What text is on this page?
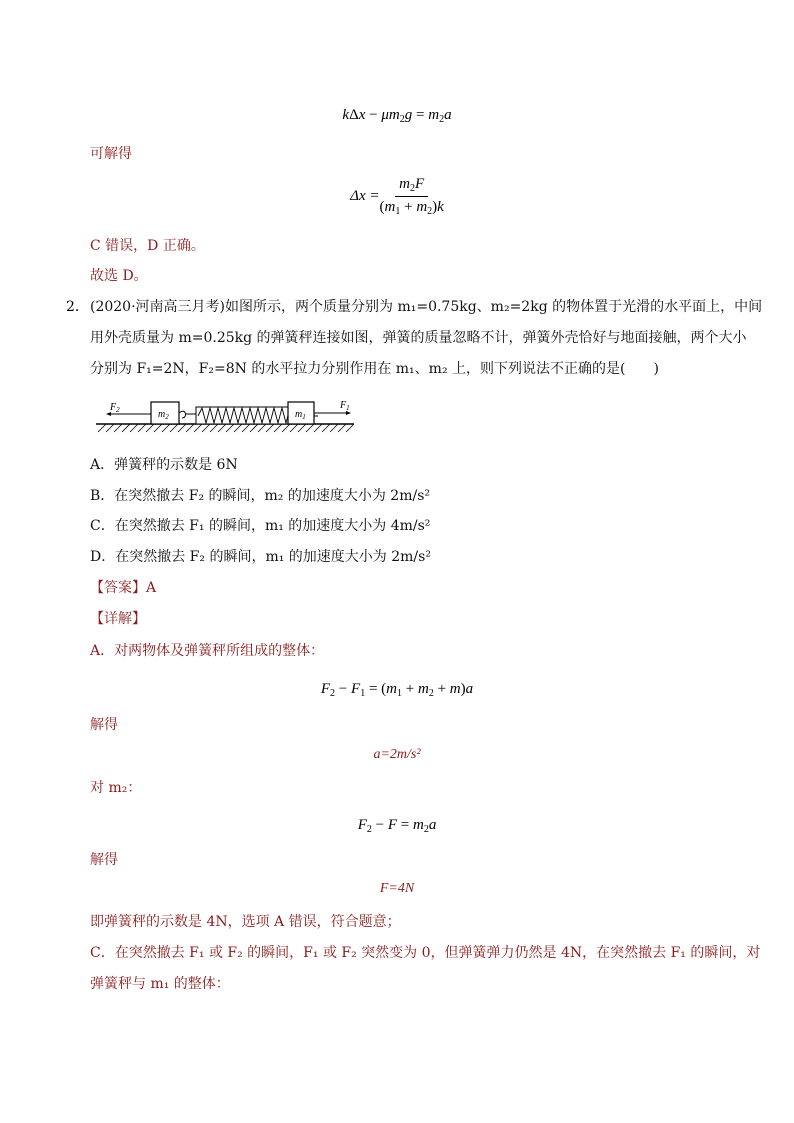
$k\Delta x - \mu m_2g = m_2a$
可解得
$\Delta x = \frac{m_2F}{(m_1 + m_2)k}$
C 错误，D 正确。
故选 D。
2． (2020·河南高三月考)如图所示，两个质量分别为 m₁=0.75kg、m₂=2kg 的物体置于光滑的水平面上，中间
用外壳质量为 m=0.25kg 的弹簧秤连接如图，弹簧的质量忽略不计，弹簧外壳恰好与地面接触，两个大小
分别为 F₁=2N，F₂=8N 的水平拉力分别作用在 m₁、m₂ 上，则下列说法不正确的是(　　)
$F_2$	$m_2$	$m_1$
$F_1$
A．弹簧秤的示数是 6N
B．在突然撤去 F₂ 的瞬间，m₂ 的加速度大小为 2m/s²
C．在突然撤去 F₁ 的瞬间，m₁ 的加速度大小为 4m/s²
D．在突然撤去 F₂ 的瞬间，m₁ 的加速度大小为 2m/s²
【答案】A
【详解】
A．对两物体及弹簧秤所组成的整体：
$F_2 - F_1 = (m_1 + m_2 + m)a$
解得
a=2m/s²
对 m₂：
$F_2 - F = m_2a$
解得
F=4N
即弹簧秤的示数是 4N，选项 A 错误，符合题意；
C．在突然撤去 F₁ 或 F₂ 的瞬间，F₁ 或 F₂ 突然变为 0，但弹簧弹力仍然是 4N，在突然撤去 F₁ 的瞬间，对
弹簧秤与 m₁ 的整体：
